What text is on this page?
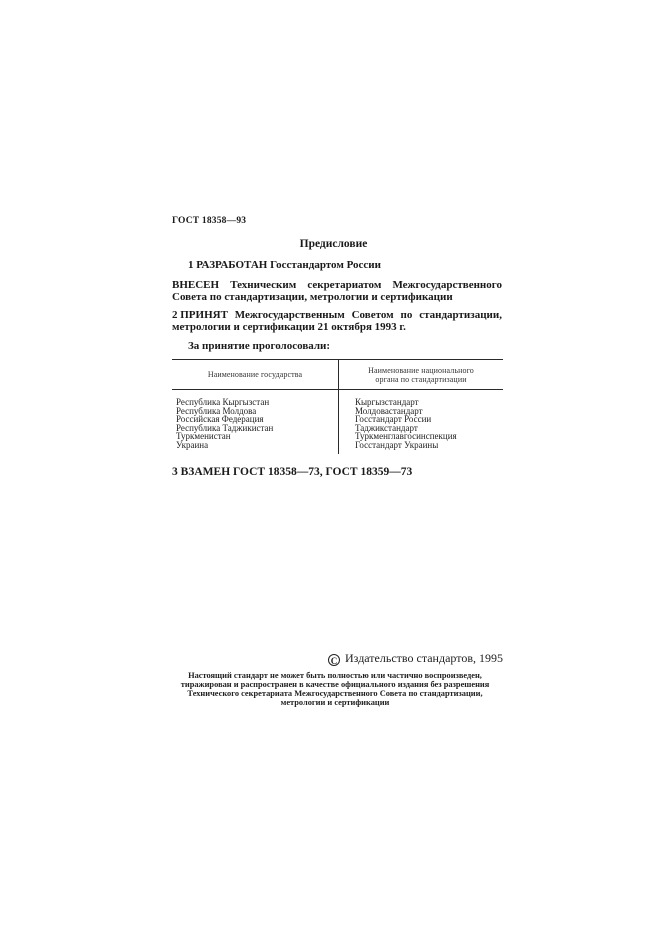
ГОСТ 18358—93
Предисловие
1 РАЗРАБОТАН Госстандартом России
ВНЕСЕН Техническим секретариатом Межгосударственного
Совета по стандартизации, метрологии и сертификации
2 ПРИНЯТ Межгосударственным Советом по стандартизации,
метрологии и сертификации 21 октября 1993 г.
За принятие проголосовали:
Наименование государства	Наименование национального
органа по стандартизации
Республика Кыргызстан
Республика Молдова
Российская Федерация
Республика Таджикистан
Туркменистан
Украина
Кыргызстандарт
Молдовастандарт
Госстандарт России
Таджикстандарт
Туркменглавгосинспекция
Госстандарт Украины
3 ВЗАМЕН ГОСТ 18358—73, ГОСТ 18359—73
C Издательство стандартов, 1995
Настоящий стандарт не может быть полностью или частично воспроизведен,
тиражирован и распространен в качестве официального издания без разрешения
Технического секретариата Межгосударственного Совета по стандартизации,
метрологии и сертификации
